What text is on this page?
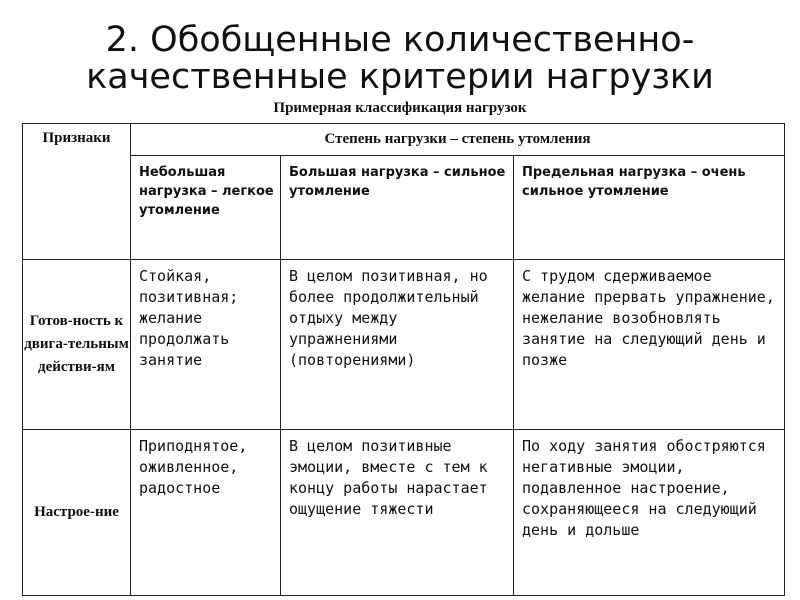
2. Обобщенные количественно-
качественные критерии нагрузки
Примерная классификация нагрузок
Признаки	Степень нагрузки – степень утомления		
	Небольшая нагрузка – легкое утомление	Большая нагрузка – сильное утомление	Предельная нагрузка – очень сильное утомление
Готов-ность к двига-тельным действи-ям	Стойкая, позитивная; желание продолжать занятие	В целом позитивная, но более продолжительный отдыху между упражнениями (повторениями)	С трудом сдерживаемое желание прервать упражнение, нежелание возобновлять занятие на следующий день и позже
Настрое-ние	Приподнятое, оживленное, радостное	В целом позитивные эмоции, вместе с тем к концу работы нарастает ощущение тяжести	По ходу занятия обостряются негативные эмоции, подавленное настроение, сохраняющееся на следующий день и дольше
